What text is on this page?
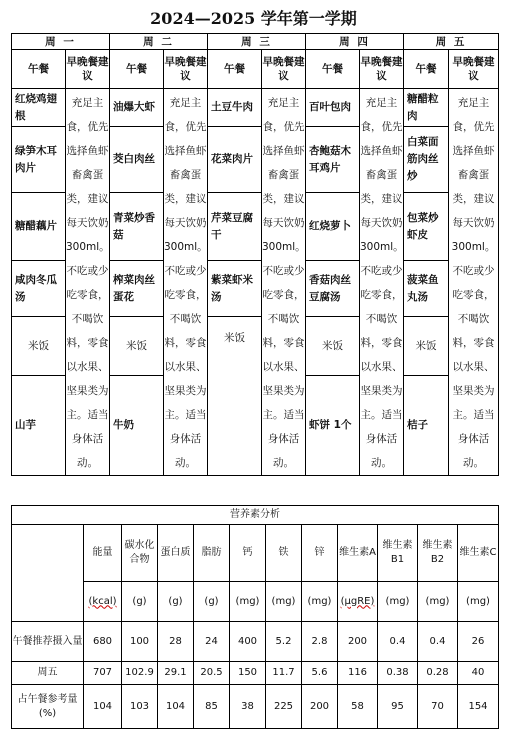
2024—2025 学年第一学期
周 一		周 二		周 三		周 四		周 五	
午餐	早晚餐建议	午餐	早晚餐建议	午餐	早晚餐建议	午餐	早晚餐建议	午餐	早晚餐建议
红烧鸡翅根	充足主食，优先选择鱼虾畜禽蛋类，建议每天饮奶300ml。不吃或少吃零食，不喝饮料，零食以水果、坚果类为主。适当身体活动。	油爆大虾	充足主食，优先选择鱼虾畜禽蛋类，建议每天饮奶300ml。不吃或少吃零食，不喝饮料，零食以水果、坚果类为主。适当身体活动。	土豆牛肉	充足主食，优先选择鱼虾畜禽蛋类，建议每天饮奶300ml。不吃或少吃零食，不喝饮料，零食以水果、坚果类为主。适当身体活动。	百叶包肉	充足主食，优先选择鱼虾畜禽蛋类，建议每天饮奶300ml。不吃或少吃零食，不喝饮料，零食以水果、坚果类为主。适当身体活动。	糖醋粒肉	充足主食，优先选择鱼虾畜禽蛋类，建议每天饮奶300ml。不吃或少吃零食，不喝饮料，零食以水果、坚果类为主。适当身体活动。
绿笋木耳肉片		茭白肉丝		花菜肉片		杏鲍菇木耳鸡片		白菜面筋肉丝炒	
糖醋藕片		青菜炒香菇		芹菜豆腐干		红烧萝卜		包菜炒虾皮	
咸肉冬瓜汤		榨菜肉丝蛋花		紫菜虾米汤		香菇肉丝豆腐汤		菠菜鱼丸汤	
米饭		米饭		米饭		米饭		米饭	
山芋		牛奶				虾饼 1个		桔子	
营养素分析											
	能量	碳水化合物	蛋白质	脂肪	钙	铁	锌	维生素A	维生素B1	维生素B2	维生素C
	(kcal)	(g)	(g)	(g)	(mg)	(mg)	(mg)	(μgRE)	(mg)	(mg)	(mg)
午餐推荐摄入量	680	100	28	24	400	5.2	2.8	200	0.4	0.4	26
周五	707	102.9	29.1	20.5	150	11.7	5.6	116	0.38	0.28	40
占午餐参考量(%)	104	103	104	85	38	225	200	58	95	70	154
